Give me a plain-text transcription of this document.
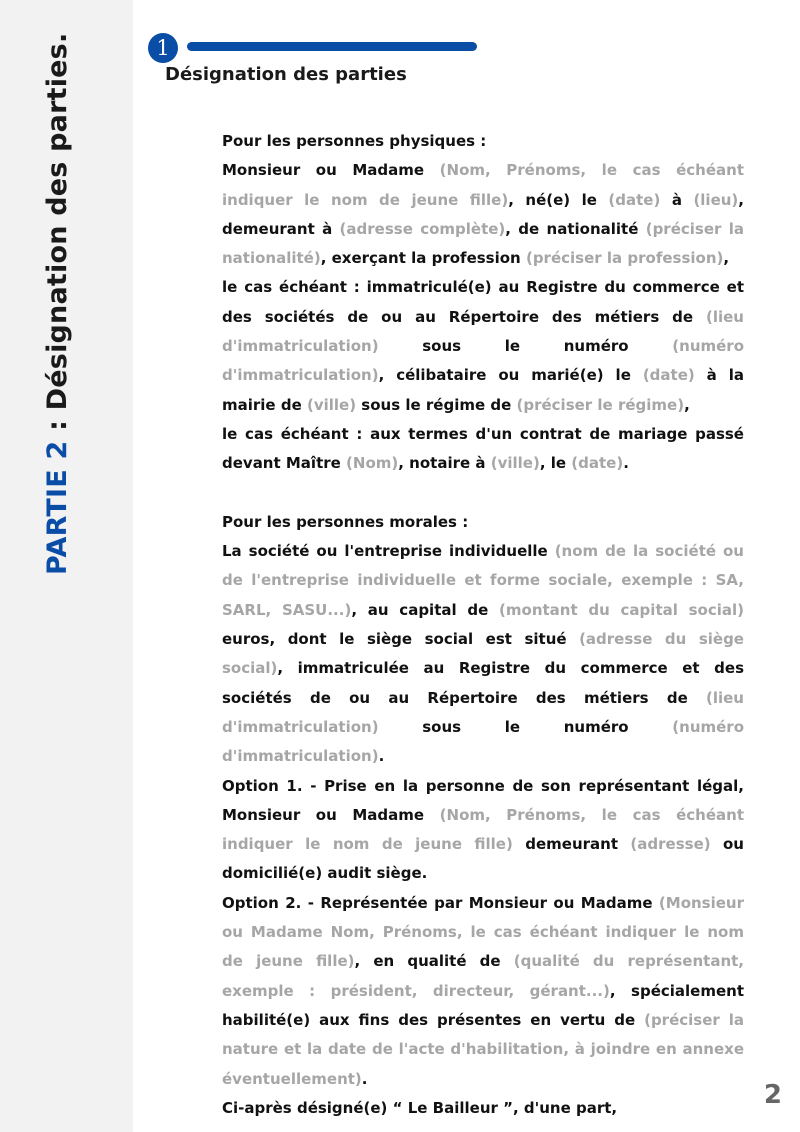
PARTIE 2 : Désignation des parties.	1
Désignation des parties

Pour les personnes physiques :

Monsieur ou Madame (Nom, Prénoms, le cas échéant indiquer le nom de jeune fille), né(e) le (date) à (lieu), demeurant à (adresse complète), de nationalité (préciser la nationalité), exerçant la profession (préciser la profession),

le cas échéant : immatriculé(e) au Registre du commerce et des sociétés de ou au Répertoire des métiers de (lieu d'immatriculation) sous le numéro (numéro d'immatriculation), célibataire ou marié(e) le (date) à la mairie de (ville) sous le régime de (préciser le régime),

le cas échéant : aux termes d'un contrat de mariage passé devant Maître (Nom), notaire à (ville), le (date).

Pour les personnes morales :

La société ou l'entreprise individuelle (nom de la société ou de l'entreprise individuelle et forme sociale, exemple : SA, SARL, SASU...), au capital de (montant du capital social) euros, dont le siège social est situé (adresse du siège social), immatriculée au Registre du commerce et des sociétés de ou au Répertoire des métiers de (lieu d'immatriculation) sous le numéro (numéro d'immatriculation).

Option 1. - Prise en la personne de son représentant légal, Monsieur ou Madame (Nom, Prénoms, le cas échéant indiquer le nom de jeune fille) demeurant (adresse) ou domicilié(e) audit siège.

Option 2. - Représentée par Monsieur ou Madame (Monsieur ou Madame Nom, Prénoms, le cas échéant indiquer le nom de jeune fille), en qualité de (qualité du représentant, exemple : président, directeur, gérant...), spécialement habilité(e) aux fins des présentes en vertu de (préciser la nature et la date de l'acte d'habilitation, à joindre en annexe éventuellement).

Ci-après désigné(e) “ Le Bailleur ”, d'une part,	2
